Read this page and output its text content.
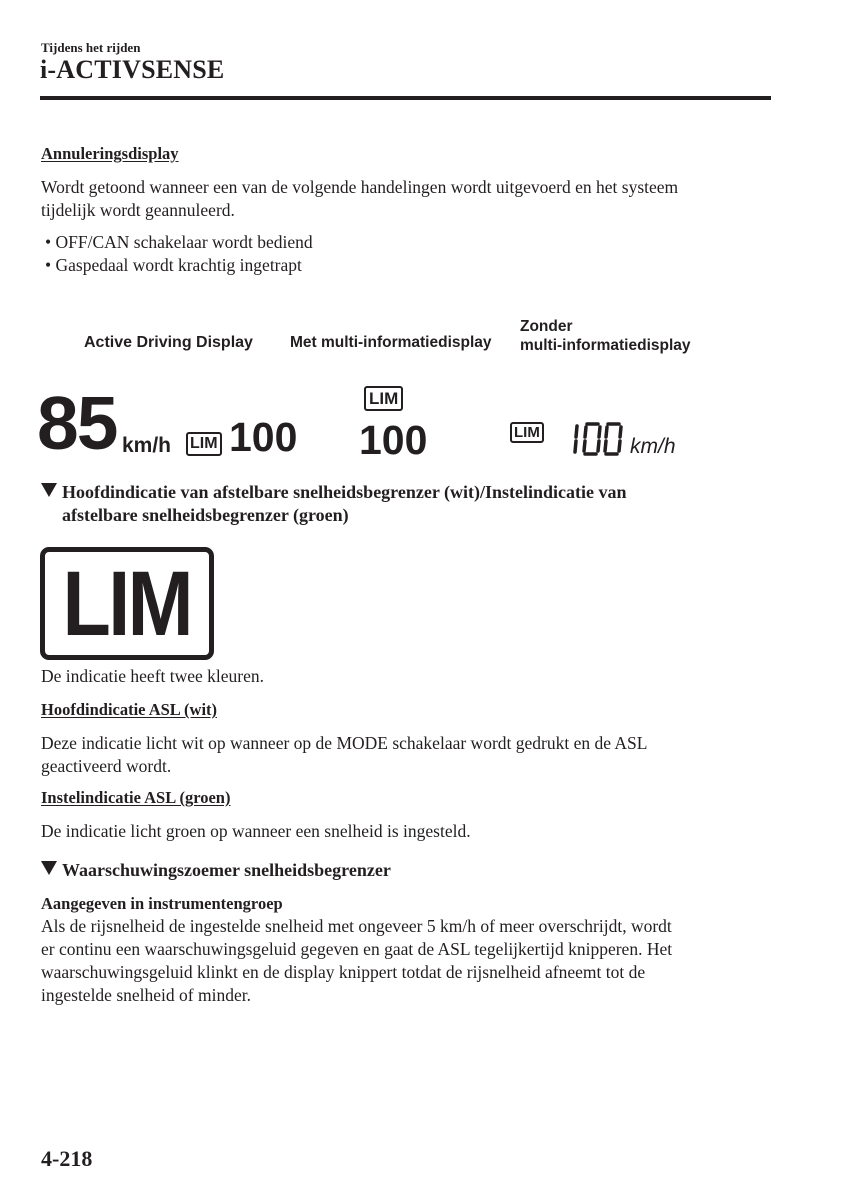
Tijdens het rijden
i-ACTIVSENSE
Annuleringsdisplay
Wordt getoond wanneer een van de volgende handelingen wordt uitgevoerd en het systeem
tijdelijk wordt geannuleerd.
• OFF/CAN schakelaar wordt bediend
• Gaspedaal wordt krachtig ingetrapt
Active Driving Display Met multi-informatiedisplay
Zonder
multi-informatiedisplay
85 km/h LIM 100
LIM
100	LIM
km/h
Hoofdindicatie van afstelbare snelheidsbegrenzer (wit)/Instelindicatie van
afstelbare snelheidsbegrenzer (groen)
LIM
De indicatie heeft twee kleuren.
Hoofdindicatie ASL (wit)
Deze indicatie licht wit op wanneer op de MODE schakelaar wordt gedrukt en de ASL
geactiveerd wordt.
Instelindicatie ASL (groen)
De indicatie licht groen op wanneer een snelheid is ingesteld.
Waarschuwingszoemer snelheidsbegrenzer
Aangegeven in instrumentengroep
Als de rijsnelheid de ingestelde snelheid met ongeveer 5 km/h of meer overschrijdt, wordt
er continu een waarschuwingsgeluid gegeven en gaat de ASL tegelijkertijd knipperen. Het
waarschuwingsgeluid klinkt en de display knippert totdat de rijsnelheid afneemt tot de
ingestelde snelheid of minder.
4-218
